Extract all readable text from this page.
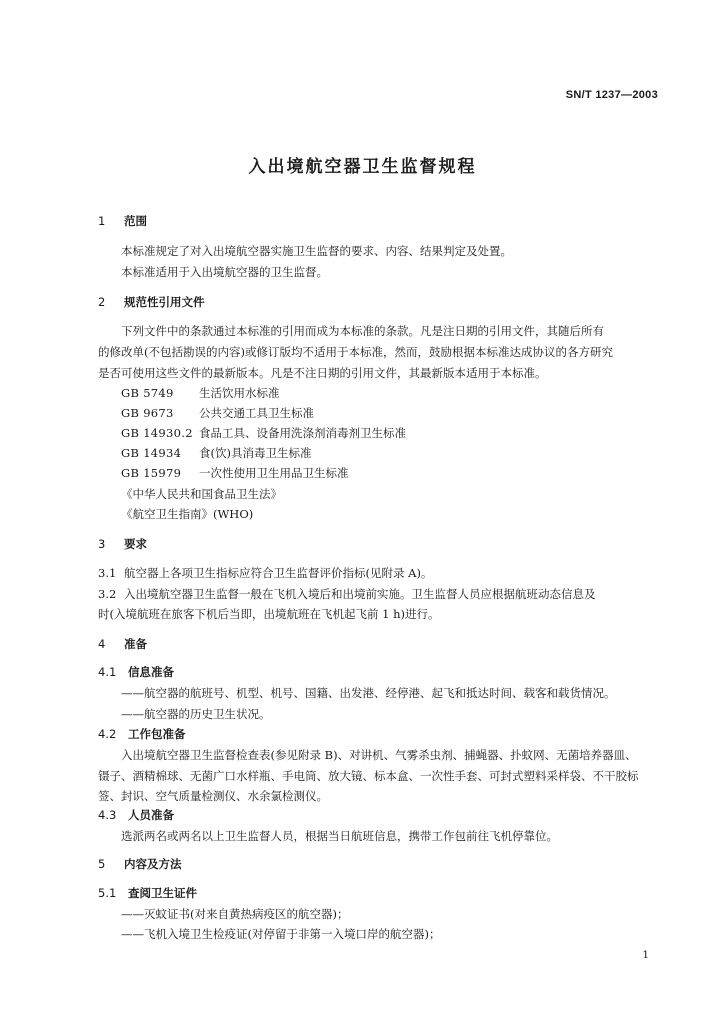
SN/T 1237—2003
入出境航空器卫生监督规程
1 范围
本标准规定了对入出境航空器实施卫生监督的要求、内容、结果判定及处置。
本标准适用于入出境航空器的卫生监督。
2 规范性引用文件
下列文件中的条款通过本标准的引用而成为本标准的条款。凡是注日期的引用文件，其随后所有
的修改单(不包括勘误的内容)或修订版均不适用于本标准，然而，鼓励根据本标准达成协议的各方研究
是否可使用这些文件的最新版本。凡是不注日期的引用文件，其最新版本适用于本标准。
GB 5749 生活饮用水标准
GB 9673 公共交通工具卫生标准
GB 14930.2 食品工具、设备用洗涤剂消毒剂卫生标准
GB 14934 食(饮)具消毒卫生标准
GB 15979 一次性使用卫生用品卫生标准
《中华人民共和国食品卫生法》
《航空卫生指南》(WHO)
3 要求
3.1 航空器上各项卫生指标应符合卫生监督评价指标(见附录 A)。
3.2 入出境航空器卫生监督一般在飞机入境后和出境前实施。卫生监督人员应根据航班动态信息及
时(入境航班在旅客下机后当即，出境航班在飞机起飞前 1 h)进行。
4 准备
4.1 信息准备
——航空器的航班号、机型、机号、国籍、出发港、经停港、起飞和抵达时间、载客和载货情况。
——航空器的历史卫生状况。
4.2 工作包准备
入出境航空器卫生监督检查表(参见附录 B)、对讲机、气雾杀虫剂、捕蝇器、扑蚊网、无菌培养器皿、
镊子、酒精棉球、无菌广口水样瓶、手电筒、放大镜、标本盒、一次性手套、可封式塑料采样袋、不干胶标
签、封识、空气质量检测仪、水余氯检测仪。
4.3 人员准备
选派两名或两名以上卫生监督人员，根据当日航班信息，携带工作包前往飞机停靠位。
5 内容及方法
5.1 查阅卫生证件
——灭蚊证书(对来自黄热病疫区的航空器)；
——飞机入境卫生检疫证(对停留于非第一入境口岸的航空器)；
1
